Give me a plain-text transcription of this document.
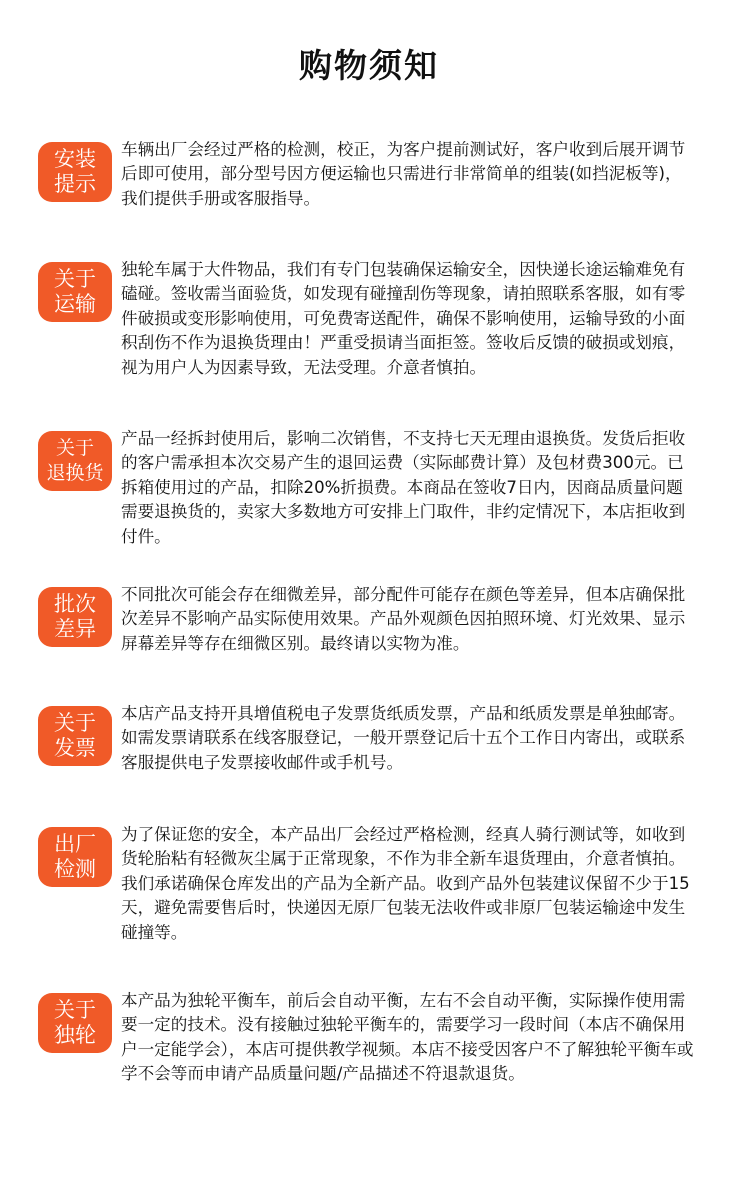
购物须知
安装
提示

车辆出厂会经过严格的检测，校正，为客户提前测试好，客户收到后展开调节后即可使用，部分型号因方便运输也只需进行非常简单的组装(如挡泥板等)，我们提供手册或客服指导。

关于
运输

独轮车属于大件物品，我们有专门包装确保运输安全，因快递长途运输难免有磕碰。签收需当面验货，如发现有碰撞刮伤等现象，请拍照联系客服，如有零件破损或变形影响使用，可免费寄送配件，确保不影响使用，运输导致的小面积刮伤不作为退换货理由！严重受损请当面拒签。签收后反馈的破损或划痕，视为用户人为因素导致，无法受理。介意者慎拍。

关于
退换货

产品一经拆封使用后，影响二次销售，不支持七天无理由退换货。发货后拒收的客户需承担本次交易产生的退回运费（实际邮费计算）及包材费300元。已拆箱使用过的产品，扣除20%折损费。本商品在签收7日内，因商品质量问题需要退换货的，卖家大多数地方可安排上门取件，非约定情况下，本店拒收到付件。

批次
差异

不同批次可能会存在细微差异，部分配件可能存在颜色等差异，但本店确保批次差异不影响产品实际使用效果。产品外观颜色因拍照环境、灯光效果、显示屏幕差异等存在细微区别。最终请以实物为准。

关于
发票

本店产品支持开具增值税电子发票货纸质发票，产品和纸质发票是单独邮寄。如需发票请联系在线客服登记，一般开票登记后十五个工作日内寄出，或联系客服提供电子发票接收邮件或手机号。

出厂
检测

为了保证您的安全，本产品出厂会经过严格检测，经真人骑行测试等，如收到货轮胎粘有轻微灰尘属于正常现象，不作为非全新车退货理由，介意者慎拍。我们承诺确保仓库发出的产品为全新产品。收到产品外包装建议保留不少于15天，避免需要售后时，快递因无原厂包装无法收件或非原厂包装运输途中发生碰撞等。

关于
独轮

本产品为独轮平衡车，前后会自动平衡，左右不会自动平衡，实际操作使用需要一定的技术。没有接触过独轮平衡车的，需要学习一段时间（本店不确保用户一定能学会），本店可提供教学视频。本店不接受因客户不了解独轮平衡车或学不会等而申请产品质量问题/产品描述不符退款退货。
